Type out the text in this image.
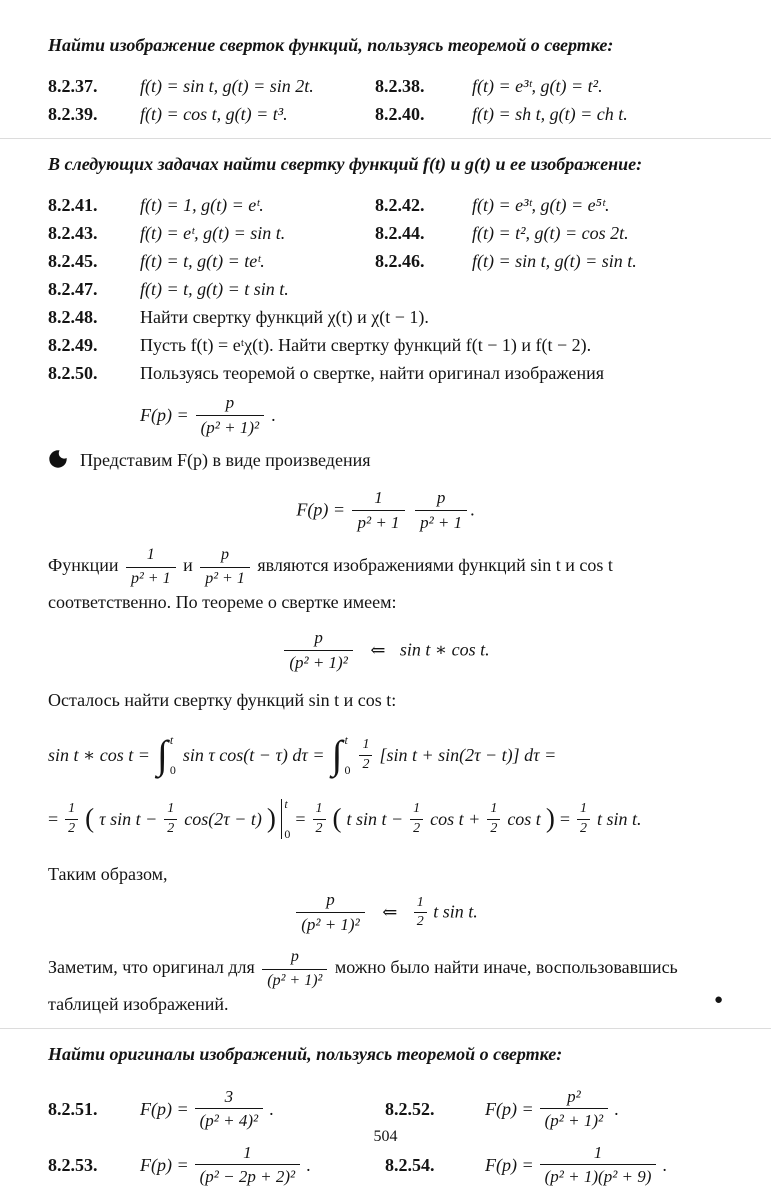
Найти изображение сверток функций, пользуясь теоремой о свертке:

8.2.37.	f(t) = sin t, g(t) = sin 2t.	8.2.38.	f(t) = e³ᵗ, g(t) = t².
8.2.39.	f(t) = cos t, g(t) = t³.	8.2.40.	f(t) = sh t, g(t) = ch t.

В следующих задачах найти свертку функций f(t) и g(t) и ее изображение:

8.2.41.	f(t) = 1, g(t) = eᵗ.	8.2.42.	f(t) = e³ᵗ, g(t) = e⁵ᵗ.
8.2.43.	f(t) = eᵗ, g(t) = sin t.	8.2.44.	f(t) = t², g(t) = cos 2t.
8.2.45.	f(t) = t, g(t) = teᵗ.	8.2.46.	f(t) = sin t, g(t) = sin t.
8.2.47.	f(t) = t, g(t) = t sin t.
8.2.48.	Найти свертку функций χ(t) и χ(t − 1).
8.2.49.	Пусть f(t) = eᵗχ(t). Найти свертку функций f(t − 1) и f(t − 2).
8.2.50.	Пользуясь теоремой о свертке, найти оригинал изображения
$F(p) = \frac{p}{\text{(p² + 1)²}}$ .
Представим F(p) в виде произведения
$F(p) = \frac{1}{\text{p² + 1}}$
$\frac{p}{\text{p² + 1}}$ .

Функции $\frac{1}{\text{p² + 1}}$ и $\frac{p}{\text{p² + 1}}$ являются изображениями функций sin t и cos t соответственно. По теореме о свертке имеем:

$\frac{p}{\text{(p² + 1)²}}$ ⇐ sin t ∗ cos t.

Осталось найти свертку функций sin t и cos t:

sin t ∗ cos t = ∫ t
0
sin τ cos(t − τ) dτ = ∫ t
0
1
2 [sin t + sin(2τ − t)] dτ =
= $\frac{1}{2}$ ( τ $\sin t - \frac{1}{2} \cos(2\tau - t)$ ) t
0
= $\frac{1}{2}$ ( t $\sin t - \frac{1}{2}$ $\cos t + \frac{1}{2}$ cos t ) = $\frac{1}{2}$ t sin t.

Таким образом,

$\frac{p}{\text{(p² + 1)²}}$ ⇐ $\frac{1}{2}$ t sin t.

Заметим, что оригинал для $\frac{p}{\text{(p² + 1)²}}$ можно было найти иначе, воспользовавшись таблицей изображений.	●

Найти оригиналы изображений, пользуясь теоремой о свертке:

8.2.51.	$F(p) = \frac{3}{\text{(p² + 4)²}}$ .	8.2.52.	$F(p) = \frac{\text{p²}}{\text{(p² + 1)²}}$ .
8.2.53.	$F(p) = \frac{1}{\text{(p² − 2p + 2)²}}$ .	8.2.54.	$F(p) = \frac{1}{\text{(p² + 1)(p² + 9)}}$ .
504
